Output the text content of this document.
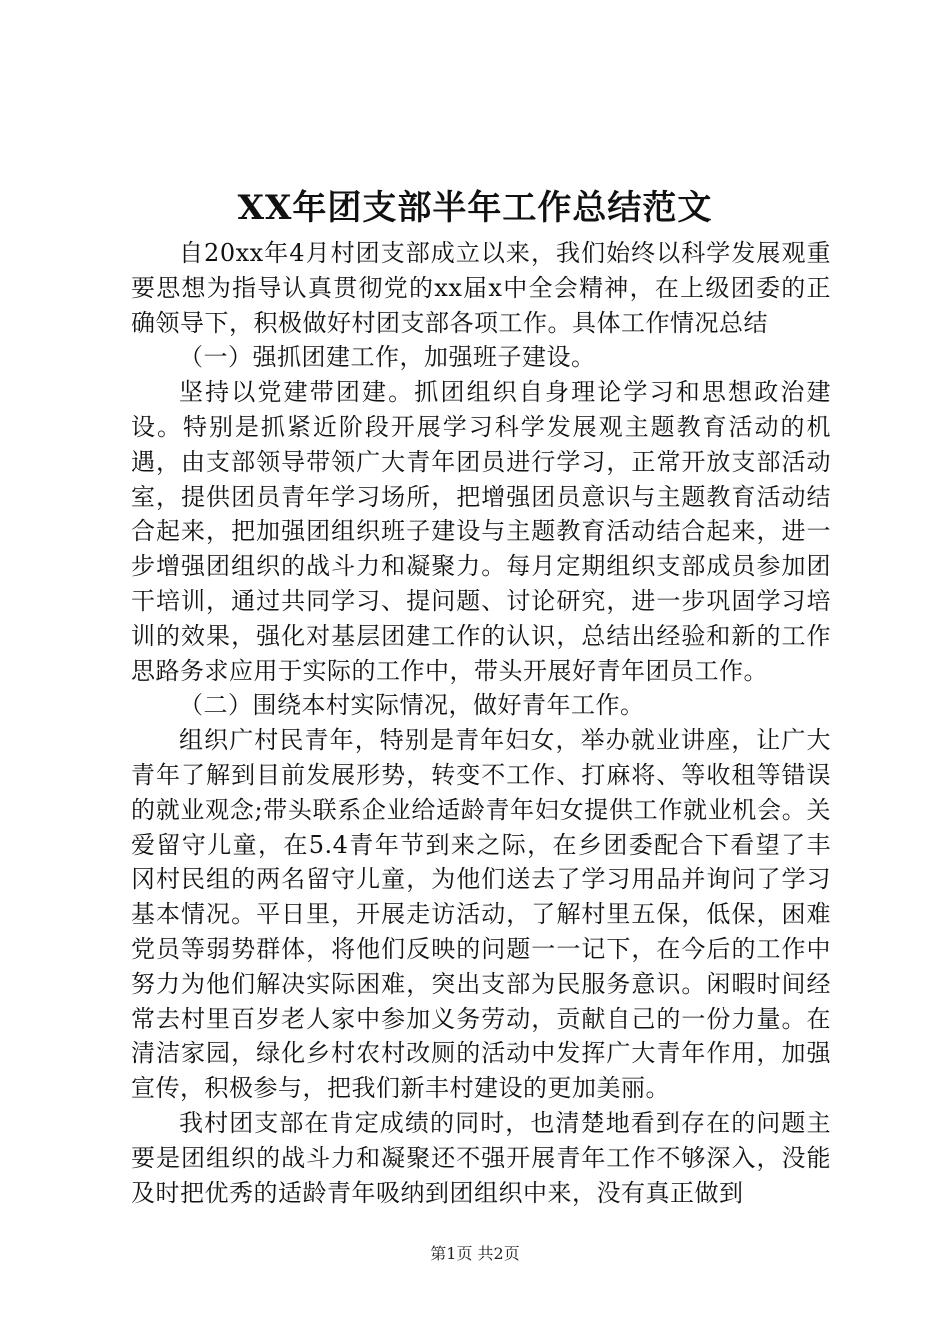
XX年团支部半年工作总结范文

自20xx年4月村团支部成立以来，我们始终以科学发展观重要思想为指导认真贯彻党的xx届x中全会精神，在上级团委的正确领导下，积极做好村团支部各项工作。具体工作情况总结

（一）强抓团建工作，加强班子建设。

坚持以党建带团建。抓团组织自身理论学习和思想政治建设。特别是抓紧近阶段开展学习科学发展观主题教育活动的机遇，由支部领导带领广大青年团员进行学习，正常开放支部活动室，提供团员青年学习场所，把增强团员意识与主题教育活动结合起来，把加强团组织班子建设与主题教育活动结合起来，进一步增强团组织的战斗力和凝聚力。每月定期组织支部成员参加团干培训，通过共同学习、提问题、讨论研究，进一步巩固学习培训的效果，强化对基层团建工作的认识，总结出经验和新的工作思路务求应用于实际的工作中，带头开展好青年团员工作。

（二）围绕本村实际情况，做好青年工作。

组织广村民青年，特别是青年妇女，举办就业讲座，让广大青年了解到目前发展形势，转变不工作、打麻将、等收租等错误的就业观念;带头联系企业给适龄青年妇女提供工作就业机会。关爱留守儿童，在5.4青年节到来之际，在乡团委配合下看望了丰冈村民组的两名留守儿童，为他们送去了学习用品并询问了学习基本情况。平日里，开展走访活动，了解村里五保，低保，困难党员等弱势群体，将他们反映的问题一一记下，在今后的工作中努力为他们解决实际困难，突出支部为民服务意识。闲暇时间经常去村里百岁老人家中参加义务劳动，贡献自己的一份力量。在清洁家园，绿化乡村农村改厕的活动中发挥广大青年作用，加强宣传，积极参与，把我们新丰村建设的更加美丽。

我村团支部在肯定成绩的同时，也清楚地看到存在的问题主要是团组织的战斗力和凝聚还不强开展青年工作不够深入，没能及时把优秀的适龄青年吸纳到团组织中来，没有真正做到

第1页 共2页
